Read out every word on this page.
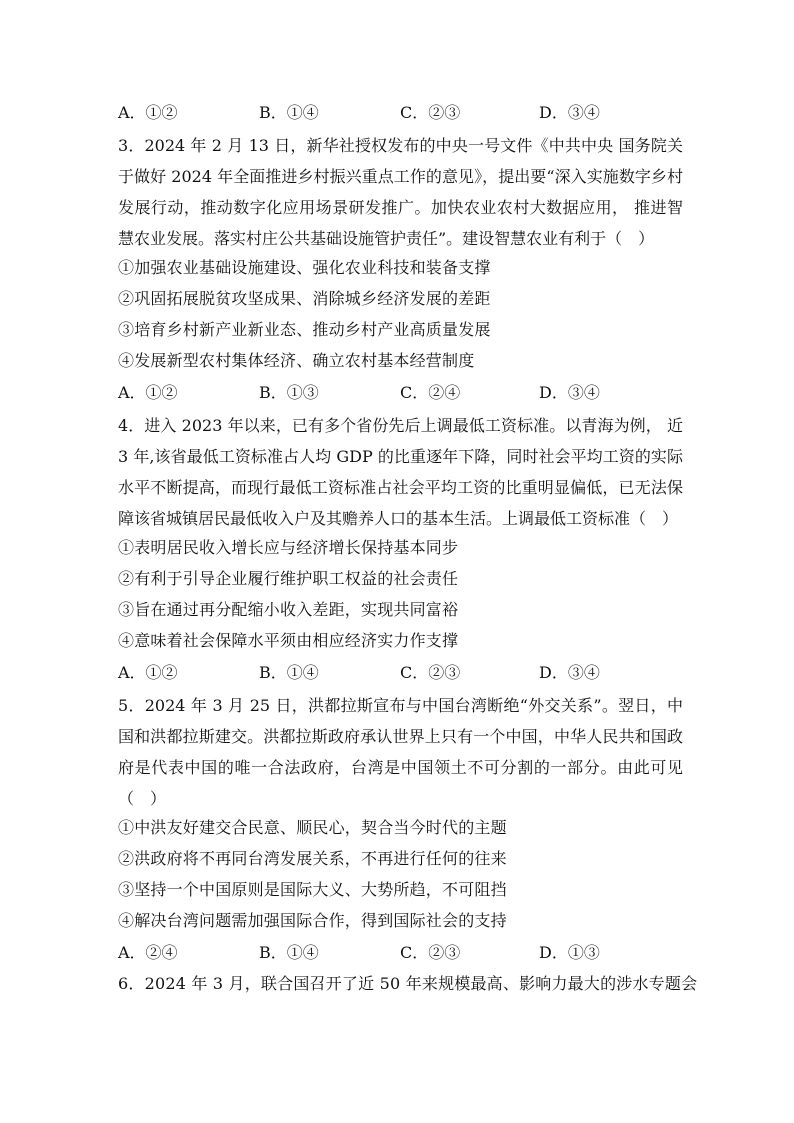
A．①②	B．①④	C．②③	D．③④
3．2024 年 2 月 13 日，新华社授权发布的中央一号文件《中共中央 国务院关于做好 2024 年全面推进乡村振兴重点工作的意见》，提出要“深入实施数字乡村发展行动，推动数字化应用场景研发推广。加快农业农村大数据应用， 推进智慧农业发展。落实村庄公共基础设施管护责任”。建设智慧农业有利于（　）
①加强农业基础设施建设、强化农业科技和装备支撑
②巩固拓展脱贫攻坚成果、消除城乡经济发展的差距
③培育乡村新产业新业态、推动乡村产业高质量发展
④发展新型农村集体经济、确立农村基本经营制度
A．①②	B．①③	C．②④	D．③④
4．进入 2023 年以来，已有多个省份先后上调最低工资标准。以青海为例， 近 3 年,该省最低工资标准占人均 GDP 的比重逐年下降，同时社会平均工资的实际水平不断提高，而现行最低工资标准占社会平均工资的比重明显偏低，已无法保障该省城镇居民最低收入户及其赡养人口的基本生活。上调最低工资标准（　）
①表明居民收入增长应与经济增长保持基本同步
②有利于引导企业履行维护职工权益的社会责任
③旨在通过再分配缩小收入差距，实现共同富裕
④意味着社会保障水平须由相应经济实力作支撑
A．①②	B．①④	C．②③	D．③④
5．2024 年 3 月 25 日，洪都拉斯宣布与中国台湾断绝“外交关系”。翌日，中国和洪都拉斯建交。洪都拉斯政府承认世界上只有一个中国，中华人民共和国政府是代表中国的唯一合法政府，台湾是中国领土不可分割的一部分。由此可见（　）
①中洪友好建交合民意、顺民心，契合当今时代的主题
②洪政府将不再同台湾发展关系，不再进行任何的往来
③坚持一个中国原则是国际大义、大势所趋，不可阻挡
④解决台湾问题需加强国际合作，得到国际社会的支持
A．②④	B．①④	C．②③	D．①③
6．2024 年 3 月，联合国召开了近 50 年来规模最高、影响力最大的涉水专题会
